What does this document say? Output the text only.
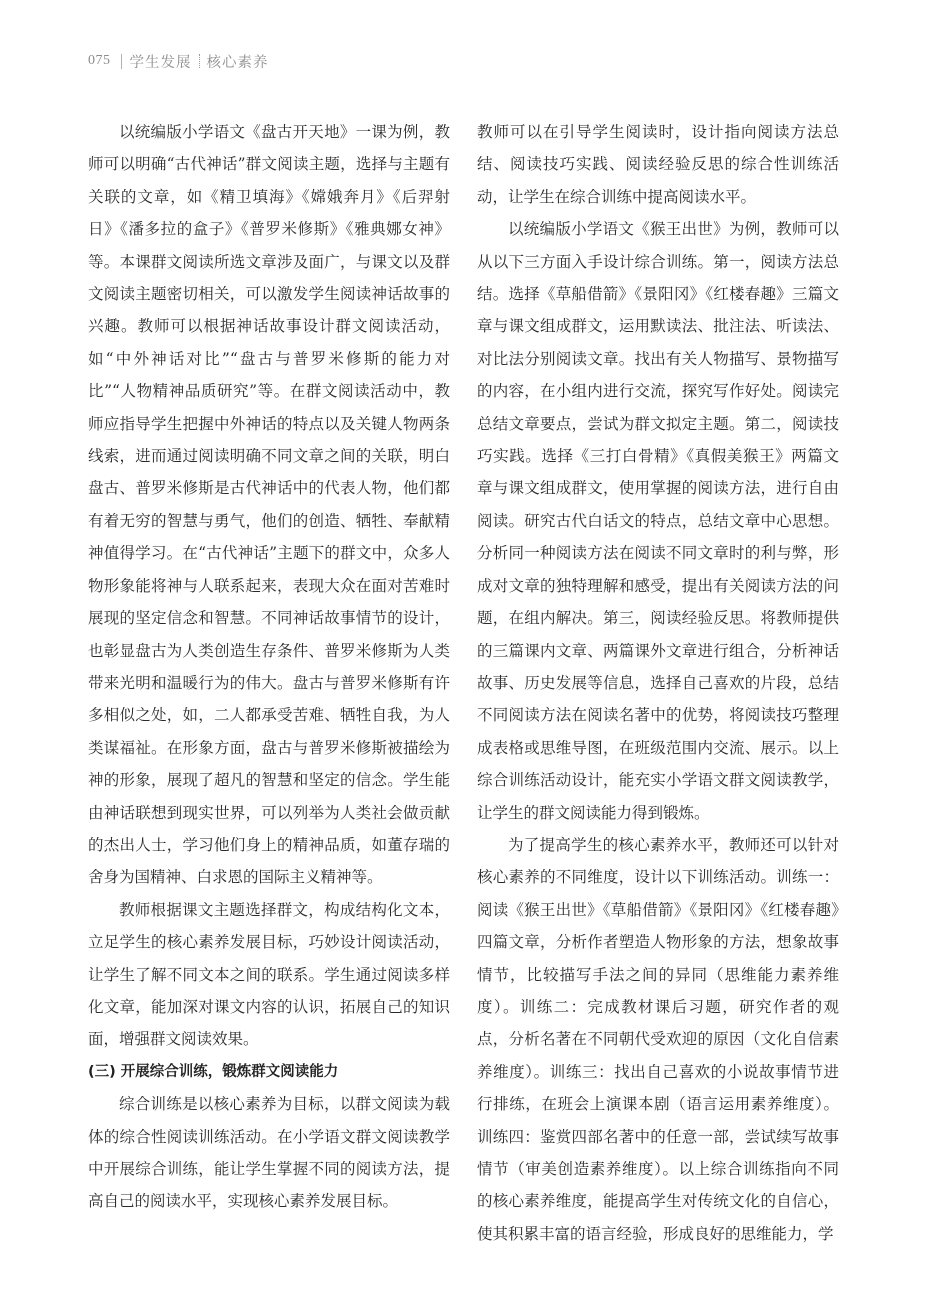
075 学生发展 核心素养

以统编版小学语文《盘古开天地》一课为例，教师可以明确“古代神话”群文阅读主题，选择与主题有关联的文章，如《精卫填海》《嫦娥奔月》《后羿射日》《潘多拉的盒子》《普罗米修斯》《雅典娜女神》等。本课群文阅读所选文章涉及面广，与课文以及群文阅读主题密切相关，可以激发学生阅读神话故事的兴趣。教师可以根据神话故事设计群文阅读活动，如“中外神话对比”“盘古与普罗米修斯的能力对比”“人物精神品质研究”等。在群文阅读活动中，教师应指导学生把握中外神话的特点以及关键人物两条线索，进而通过阅读明确不同文章之间的关联，明白盘古、普罗米修斯是古代神话中的代表人物，他们都有着无穷的智慧与勇气，他们的创造、牺牲、奉献精神值得学习。在“古代神话”主题下的群文中，众多人物形象能将神与人联系起来，表现大众在面对苦难时展现的坚定信念和智慧。不同神话故事情节的设计，也彰显盘古为人类创造生存条件、普罗米修斯为人类带来光明和温暖行为的伟大。盘古与普罗米修斯有许多相似之处，如，二人都承受苦难、牺牲自我，为人类谋福祉。在形象方面，盘古与普罗米修斯被描绘为神的形象，展现了超凡的智慧和坚定的信念。学生能由神话联想到现实世界，可以列举为人类社会做贡献的杰出人士，学习他们身上的精神品质，如董存瑞的舍身为国精神、白求恩的国际主义精神等。

教师根据课文主题选择群文，构成结构化文本，立足学生的核心素养发展目标，巧妙设计阅读活动，让学生了解不同文本之间的联系。学生通过阅读多样化文章，能加深对课文内容的认识，拓展自己的知识面，增强群文阅读效果。

(三) 开展综合训练，锻炼群文阅读能力

综合训练是以核心素养为目标，以群文阅读为载体的综合性阅读训练活动。在小学语文群文阅读教学中开展综合训练，能让学生掌握不同的阅读方法，提高自己的阅读水平，实现核心素养发展目标。

教师可以在引导学生阅读时，设计指向阅读方法总结、阅读技巧实践、阅读经验反思的综合性训练活动，让学生在综合训练中提高阅读水平。

以统编版小学语文《猴王出世》为例，教师可以从以下三方面入手设计综合训练。第一，阅读方法总结。选择《草船借箭》《景阳冈》《红楼春趣》三篇文章与课文组成群文，运用默读法、批注法、听读法、对比法分别阅读文章。找出有关人物描写、景物描写的内容，在小组内进行交流，探究写作好处。阅读完总结文章要点，尝试为群文拟定主题。第二，阅读技巧实践。选择《三打白骨精》《真假美猴王》两篇文章与课文组成群文，使用掌握的阅读方法，进行自由阅读。研究古代白话文的特点，总结文章中心思想。分析同一种阅读方法在阅读不同文章时的利与弊，形成对文章的独特理解和感受，提出有关阅读方法的问题，在组内解决。第三，阅读经验反思。将教师提供的三篇课内文章、两篇课外文章进行组合，分析神话故事、历史发展等信息，选择自己喜欢的片段，总结不同阅读方法在阅读名著中的优势，将阅读技巧整理成表格或思维导图，在班级范围内交流、展示。以上综合训练活动设计，能充实小学语文群文阅读教学，让学生的群文阅读能力得到锻炼。

为了提高学生的核心素养水平，教师还可以针对核心素养的不同维度，设计以下训练活动。训练一：阅读《猴王出世》《草船借箭》《景阳冈》《红楼春趣》四篇文章，分析作者塑造人物形象的方法，想象故事情节，比较描写手法之间的异同（思维能力素养维度）。训练二：完成教材课后习题，研究作者的观点，分析名著在不同朝代受欢迎的原因（文化自信素养维度）。训练三：找出自己喜欢的小说故事情节进行排练，在班会上演课本剧（语言运用素养维度）。训练四：鉴赏四部名著中的任意一部，尝试续写故事情节（审美创造素养维度）。以上综合训练指向不同的核心素养维度，能提高学生对传统文化的自信心，使其积累丰富的语言经验，形成良好的思维能力，学
